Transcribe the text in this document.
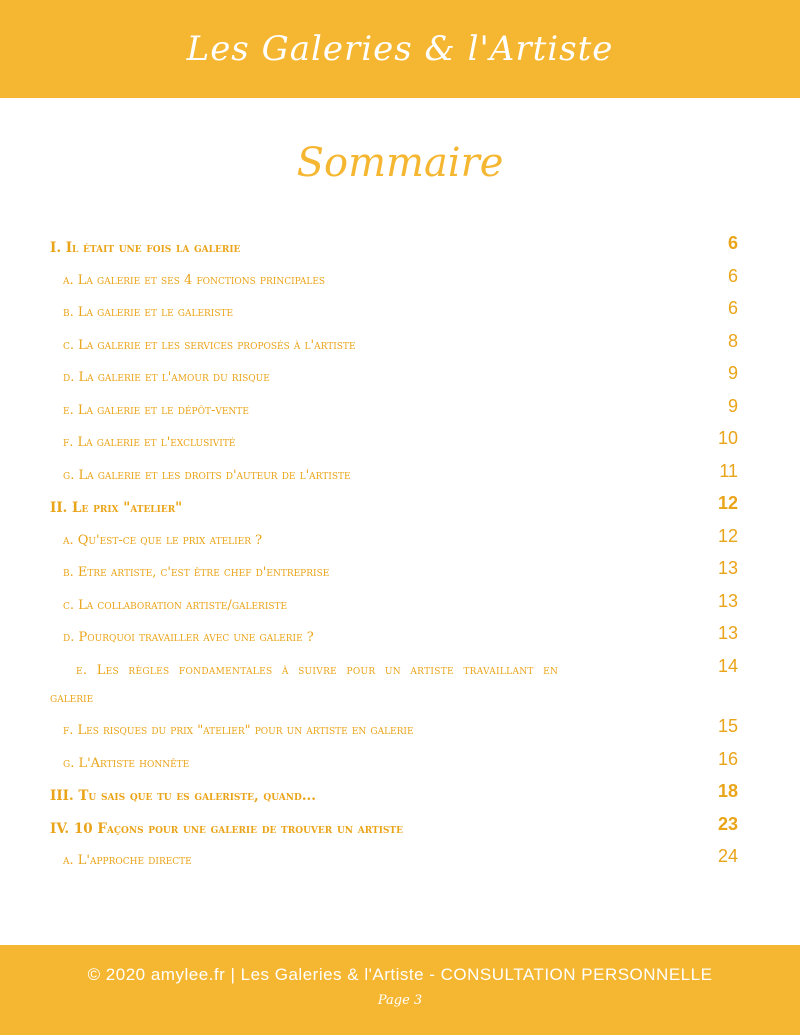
Les Galeries & l'Artiste
Sommaire
I. Il était une fois la galerie	6
a. La galerie et ses 4 fonctions principales	6
b. La galerie et le galeriste	6
c. La galerie et les services proposés à l'artiste	8
d. La galerie et l'amour du risque	9
e. La galerie et le dépôt-vente	9
f. La galerie et l'exclusivité	10
g. La galerie et les droits d'auteur de l'artiste	11
II. Le prix "atelier"	12
a. Qu'est-ce que le prix atelier ?	12
b. Etre artiste, c'est être chef d'entreprise	13
c. La collaboration artiste/galeriste	13
d. Pourquoi travailler avec une galerie ?	13
e. Les règles fondamentales à suivre pour un artiste travaillant en	14
galerie
f. Les risques du prix "atelier" pour un artiste en galerie	15
g. L'Artiste honnête	16
III. Tu sais que tu es galeriste, quand...	18
IV. 10 Façons pour une galerie de trouver un artiste	23
a. L'approche directe	24
© 2020 amylee.fr | Les Galeries & l'Artiste - CONSULTATION PERSONNELLE
Page 3
